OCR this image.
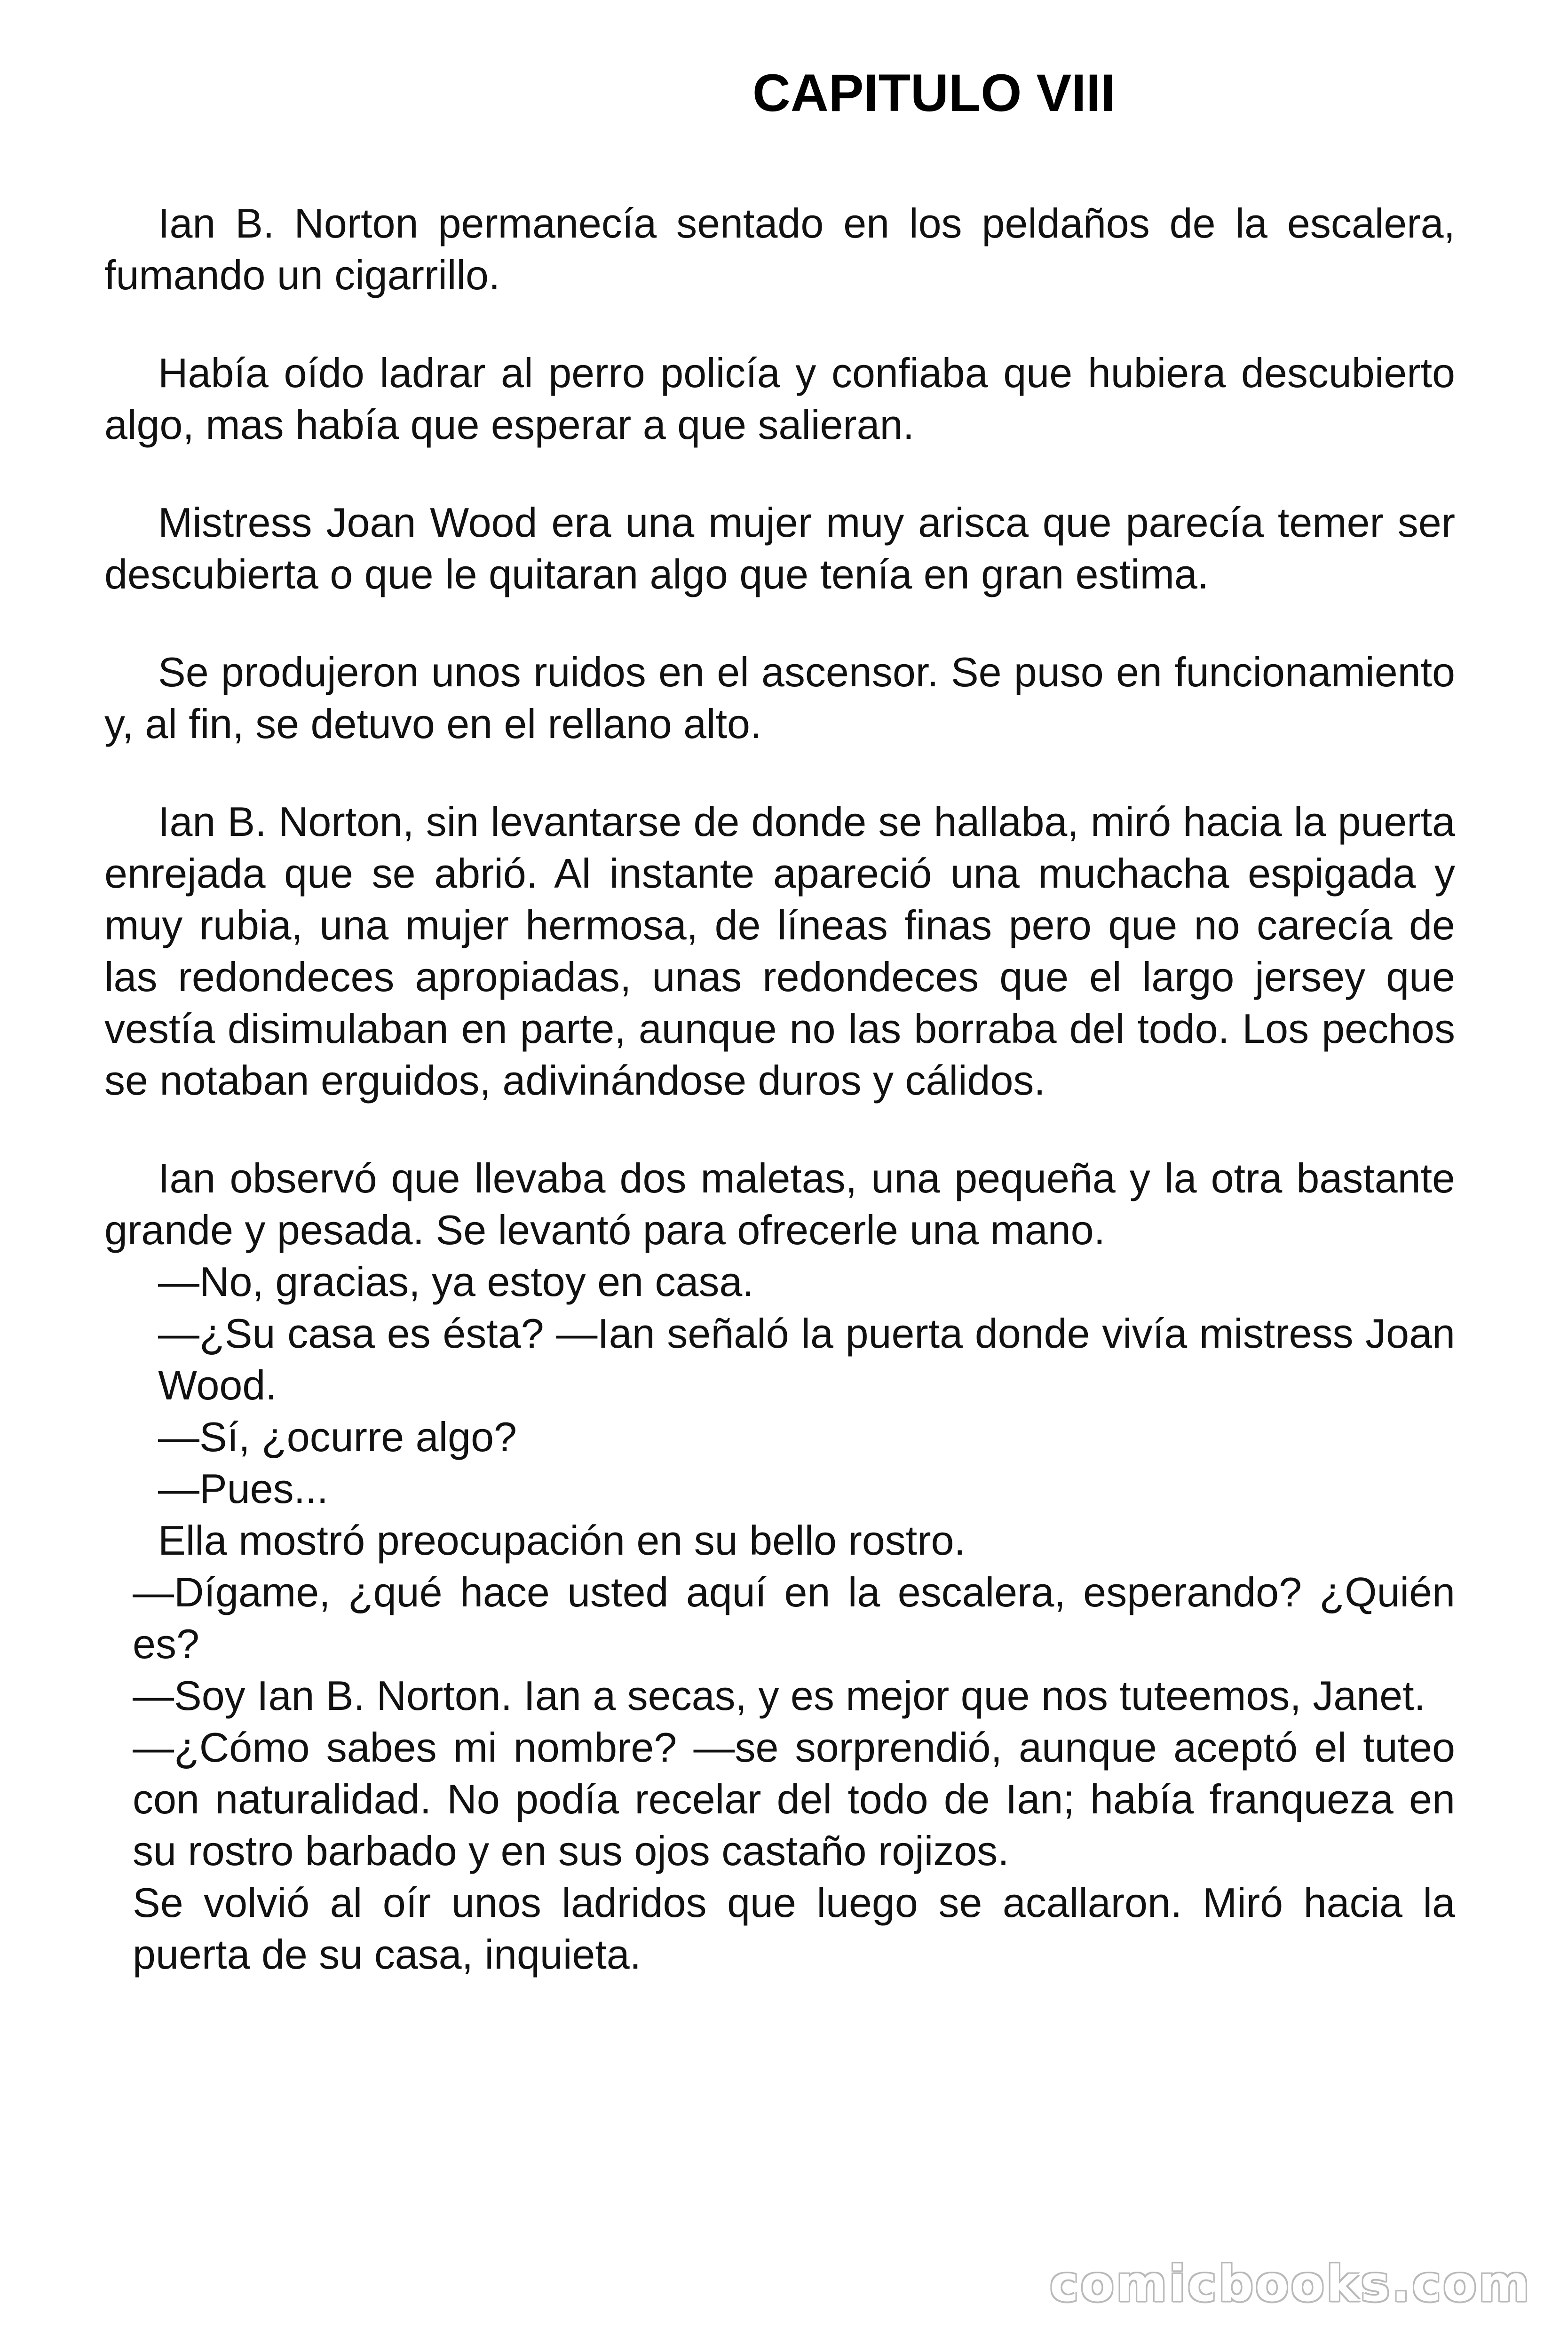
CAPITULO VIII

Ian B. Norton permanecía sentado en los peldaños de la escalera, fumando un cigarrillo.

Había oído ladrar al perro policía y confiaba que hubiera descubierto algo, mas había que esperar a que salieran.

Mistress Joan Wood era una mujer muy arisca que parecía temer ser descubierta o que le quitaran algo que tenía en gran estima.

Se produjeron unos ruidos en el ascensor. Se puso en funcionamiento y, al fin, se detuvo en el rellano alto.

Ian B. Norton, sin levantarse de donde se hallaba, miró hacia la puerta enrejada que se abrió. Al instante apareció una muchacha espigada y muy rubia, una mujer hermosa, de líneas finas pero que no carecía de las redondeces apropiadas, unas redondeces que el largo jersey que vestía disimulaban en parte, aunque no las borraba del todo. Los pechos se notaban erguidos, adivinándose duros y cálidos.

Ian observó que llevaba dos maletas, una pequeña y la otra bastante grande y pesada. Se levantó para ofrecerle una mano.

—No, gracias, ya estoy en casa.

—¿Su casa es ésta? —Ian señaló la puerta donde vivía mistress Joan Wood.

—Sí, ¿ocurre algo?

—Pues...

Ella mostró preocupación en su bello rostro.

—Dígame, ¿qué hace usted aquí en la escalera, esperando? ¿Quién es?

—Soy Ian B. Norton. Ian a secas, y es mejor que nos tuteemos, Janet.

—¿Cómo sabes mi nombre? —se sorprendió, aunque aceptó el tuteo con naturalidad. No podía recelar del todo de Ian; había franqueza en su rostro barbado y en sus ojos castaño rojizos.

Se volvió al oír unos ladridos que luego se acallaron. Miró hacia la puerta de su casa, inquieta.

comicbooks.com
